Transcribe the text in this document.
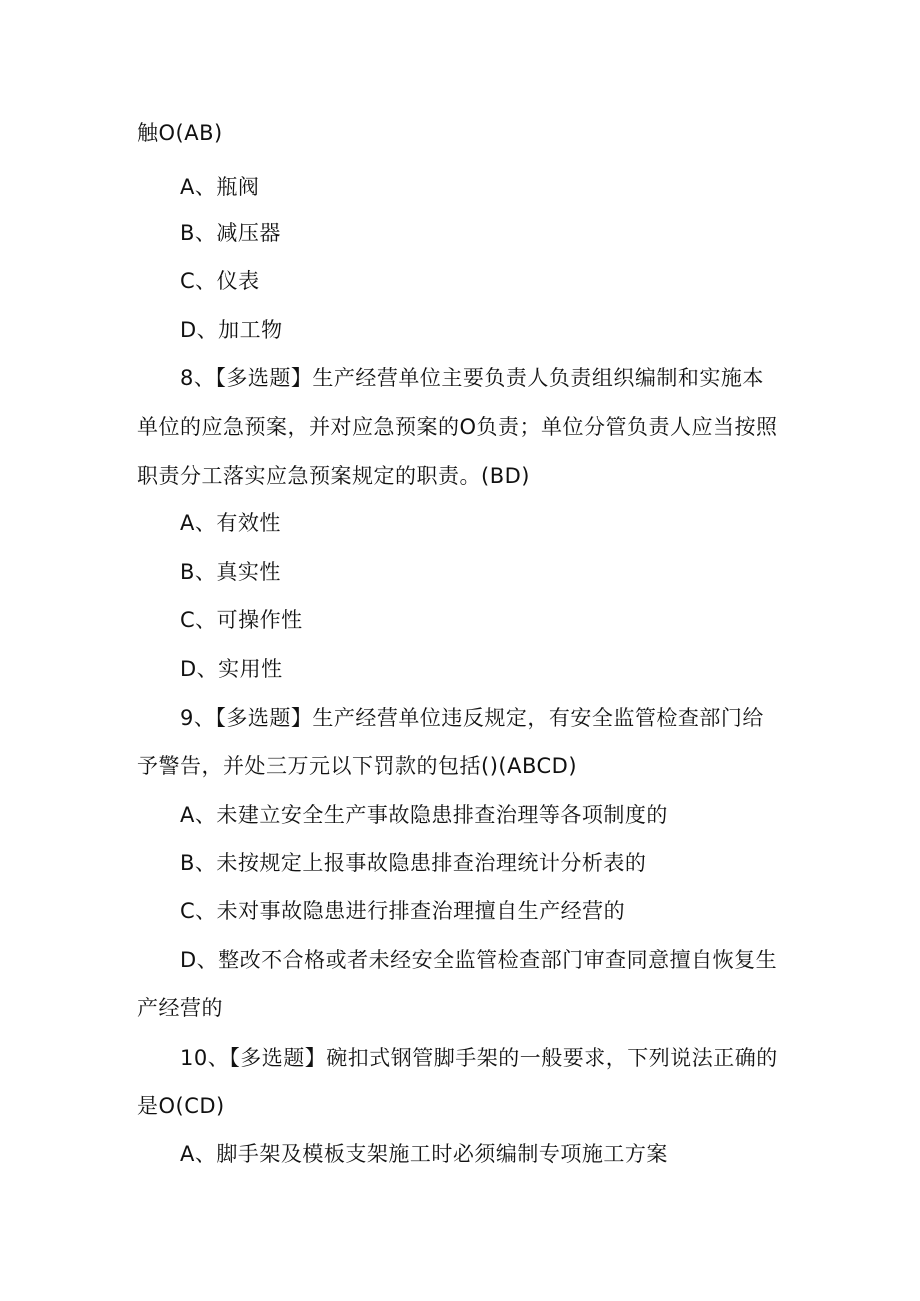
触O(AB)
A、瓶阀
B、减压器
C、仪表
D、加工物
8、【多选题】生产经营单位主要负责人负责组织编制和实施本
单位的应急预案，并对应急预案的O负责；单位分管负责人应当按照
职责分工落实应急预案规定的职责。(BD)
A、有效性
B、真实性
C、可操作性
D、实用性
9、【多选题】生产经营单位违反规定，有安全监管检查部门给
予警告，并处三万元以下罚款的包括()(ABCD)
A、未建立安全生产事故隐患排查治理等各项制度的
B、未按规定上报事故隐患排查治理统计分析表的
C、未对事故隐患进行排查治理擅自生产经营的
D、整改不合格或者未经安全监管检查部门审查同意擅自恢复生
产经营的
10、【多选题】碗扣式钢管脚手架的一般要求，下列说法正确的
是O(CD)
A、脚手架及模板支架施工时必须编制专项施工方案
